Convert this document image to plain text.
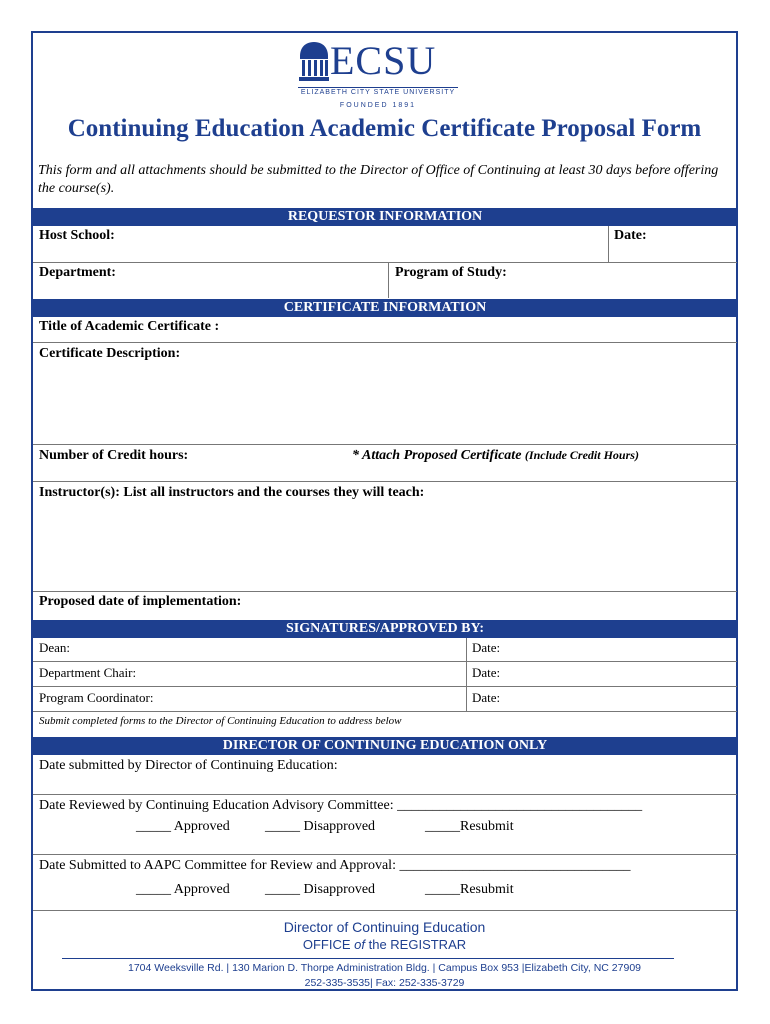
ECSU
ELIZABETH CITY STATE UNIVERSITY
FOUNDED 1891
Continuing Education Academic Certificate Proposal Form
This form and all attachments should be submitted to the Director of Office of Continuing at least 30 days before offering the course(s).
REQUESTOR INFORMATION
Host School:	Date:
Department:	Program of Study:
CERTIFICATE INFORMATION
Title of Academic Certificate :
Certificate Description:
Number of Credit hours:	* Attach Proposed Certificate (Include Credit Hours)
Instructor(s): List all instructors and the courses they will teach:
Proposed date of implementation:
SIGNATURES/APPROVED BY:
Dean:	Date:
Department Chair:	Date:
Program Coordinator:	Date:
Submit completed forms to the Director of Continuing Education to address below
DIRECTOR OF CONTINUING EDUCATION ONLY
Date submitted by Director of Continuing Education:
Date Reviewed by Continuing Education Advisory Committee: ___________________________________
_____ Approved	_____ Disapproved	_____Resubmit
Date Submitted to AAPC Committee for Review and Approval: _________________________________
_____ Approved	_____ Disapproved	_____Resubmit
Director of Continuing Education
OFFICE of the REGISTRAR
1704 Weeksville Rd. | 130 Marion D. Thorpe Administration Bldg. | Campus Box 953 |Elizabeth City, NC 27909
252-335-3535| Fax: 252-335-3729
